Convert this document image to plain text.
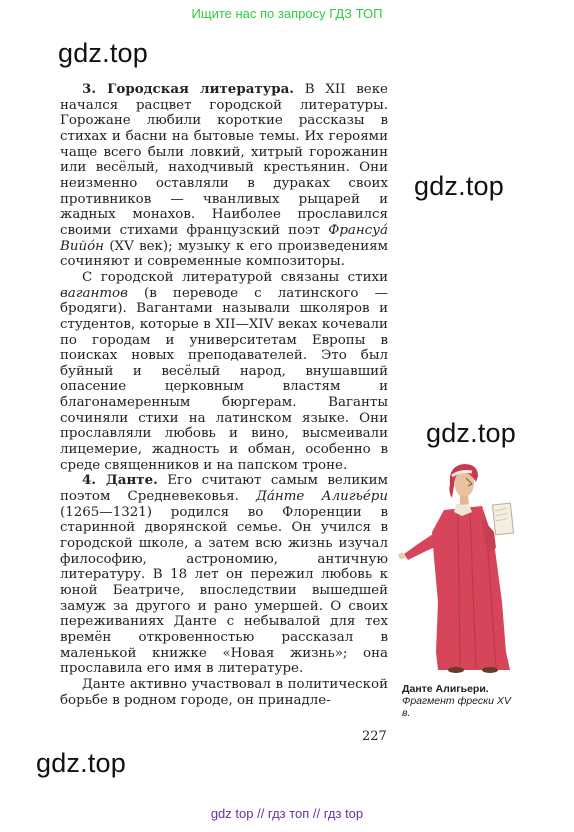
Ищите нас по запросу ГДЗ ТОП
gdz.top
gdz.top
gdz.top
gdz.top

3. Городская литература. В XII веке начался расцвет городской литературы. Горожане любили короткие рассказы в стихах и басни на бытовые темы. Их героями чаще всего были ловкий, хитрый горожанин или весёлый, находчивый крестьянин. Они неизменно оставляли в дураках своих противников — чванливых рыцарей и жадных монахов. Наиболее прославился своими стихами французский поэт Франсуа́ Вийо́н (XV век); музыку к его произведениям сочиняют и современные композиторы.

С городской литературой связаны стихи вагантов (в переводе с латинского — бродяги). Вагантами называли школяров и студентов, которые в XII—XIV веках кочевали по городам и университетам Европы в поисках новых преподавателей. Это был буйный и весёлый народ, внушавший опасение церковным властям и благонамеренным бюргерам. Ваганты сочиняли стихи на латинском языке. Они прославляли любовь и вино, высмеивали лицемерие, жадность и обман, особенно в среде священников и на папском троне.

4. Данте. Его считают самым великим поэтом Средневековья. Да́нте Алигье́ри (1265—1321) родился во Флоренции в старинной дворянской семье. Он учился в городской школе, а затем всю жизнь изучал философию, астрономию, античную литературу. В 18 лет он пережил любовь к юной Беатриче, впоследствии вышедшей замуж за другого и рано умершей. О своих переживаниях Данте с небывалой для тех времён откровенностью рассказал в маленькой книжке «Новая жизнь»; она прославила его имя в литературе.

Данте активно участвовал в политической борьбе в родном городе, он принадле-

227
Данте Алигьери.
Фрагмент фрески XV в.
gdz top // гдз топ // гдз top
